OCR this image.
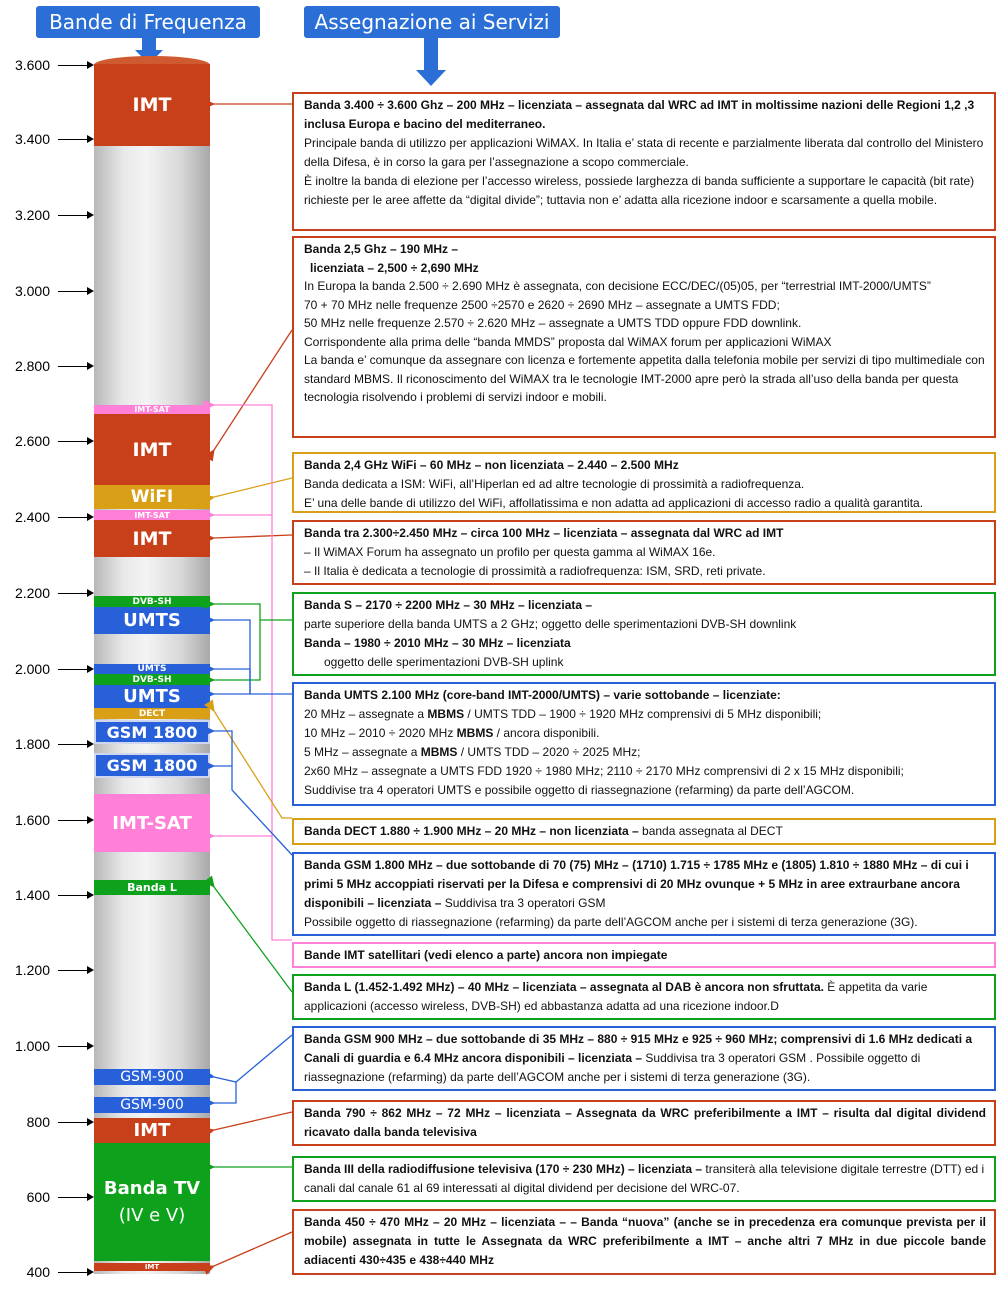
Bande di Frequenza	Assegnazione ai Servizi
3.600
3.400
3.200
3.000
2.800
2.600
2.400
2.200
2.000
1.800
1.600
1.400
1.200
1.000
800
600
400
IMT
IMT-SAT
IMT
WiFI
IMT-SAT
IMT
DVB-SH
UMTS
UMTS
DVB-SH
UMTS
DECT
GSM 1800
GSM 1800
IMT-SAT
Banda L
GSM-900
GSM-900
IMT
Banda TV
(IV e V)
IMT

Banda 3.400 ÷ 3.600 Ghz – 200 MHz – licenziata – assegnata dal WRC ad IMT in moltissime nazioni delle Regioni 1,2 ,3 inclusa Europa e bacino del mediterraneo.

Principale banda di utilizzo per applicazioni WiMAX. In Italia e’ stata di recente e parzialmente liberata dal controllo del Ministero della Difesa, è in corso la gara per l’assegnazione a scopo commerciale.

È inoltre la banda di elezione per l’accesso wireless, possiede larghezza di banda sufficiente a supportare le capacità (bit rate) richieste per le aree affette da “digital divide”; tuttavia non e’ adatta alla ricezione indoor e scarsamente a quella mobile.

Banda 2,5 Ghz – 190 MHz –

licenziata – 2,500 ÷ 2,690 MHz

In Europa la banda 2.500 ÷ 2.690 MHz è assegnata, con decisione ECC/DEC/(05)05, per “terrestrial IMT-2000/UMTS”

70 + 70 MHz nelle frequenze 2500 ÷2570 e 2620 ÷ 2690 MHz – assegnate a UMTS FDD;

50 MHz nelle frequenze 2.570 ÷ 2.620 MHz – assegnate a UMTS TDD oppure FDD downlink.

Corrispondente alla prima delle “banda MMDS” proposta dal WiMAX forum per applicazioni WiMAX

La banda e’ comunque da assegnare con licenza e fortemente appetita dalla telefonia mobile per servizi di tipo multimediale con standard MBMS. Il riconoscimento del WiMAX tra le tecnologie IMT-2000 apre però la strada all’uso della banda per questa tecnologia risolvendo i problemi di servizi indoor e mobili.

Banda 2,4 GHz WiFi – 60 MHz – non licenziata – 2.440 – 2.500 MHz

Banda dedicata a ISM: WiFi, all’Hiperlan ed ad altre tecnologie di prossimità a radiofrequenza.

E’ una delle bande di utilizzo del WiFi, affollatissima e non adatta ad applicazioni di accesso radio a qualità garantita.

Banda tra 2.300÷2.450 MHz – circa 100 MHz – licenziata – assegnata dal WRC ad IMT

– Il WiMAX Forum ha assegnato un profilo per questa gamma al WiMAX 16e.

– Il Italia è dedicata a tecnologie di prossimità a radiofrequenza: ISM, SRD, reti private.

Banda S – 2170 ÷ 2200 MHz – 30 MHz – licenziata –

parte superiore della banda UMTS a 2 GHz; oggetto delle sperimentazioni DVB-SH downlink

Banda – 1980 ÷ 2010 MHz – 30 MHz – licenziata

oggetto delle sperimentazioni DVB-SH uplink

Banda UMTS 2.100 MHz (core-band IMT-2000/UMTS) – varie sottobande – licenziate:

20 MHz – assegnate a MBMS / UMTS TDD – 1900 ÷ 1920 MHz comprensivi di 5 MHz disponibili;

10 MHz – 2010 ÷ 2020 MHz MBMS / ancora disponibili.

5 MHz – assegnate a MBMS / UMTS TDD – 2020 ÷ 2025 MHz;

2x60 MHz – assegnate a UMTS FDD 1920 ÷ 1980 MHz; 2110 ÷ 2170 MHz comprensivi di 2 x 15 MHz disponibili;

Suddivise tra 4 operatori UMTS e possibile oggetto di riassegnazione (refarming) da parte dell’AGCOM.

Banda DECT 1.880 ÷ 1.900 MHz – 20 MHz – non licenziata – banda assegnata al DECT

Banda GSM 1.800 MHz – due sottobande di 70 (75) MHz – (1710) 1.715 ÷ 1785 MHz e (1805) 1.810 ÷ 1880 MHz – di cui i primi 5 MHz accoppiati riservati per la Difesa e comprensivi di 20 MHz ovunque + 5 MHz in aree extraurbane ancora disponibili – licenziata – Suddivisa tra 3 operatori GSM

Possibile oggetto di riassegnazione (refarming) da parte dell’AGCOM anche per i sistemi di terza generazione (3G).

Bande IMT satellitari (vedi elenco a parte) ancora non impiegate

Banda L (1.452-1.492 MHz) – 40 MHz – licenziata – assegnata al DAB è ancora non sfruttata. È appetita da varie applicazioni (accesso wireless, DVB-SH) ed abbastanza adatta ad una ricezione indoor.D

Banda GSM 900 MHz – due sottobande di 35 MHz – 880 ÷ 915 MHz e 925 ÷ 960 MHz; comprensivi di 1.6 MHz dedicati a Canali di guardia e 6.4 MHz ancora disponibili – licenziata – Suddivisa tra 3 operatori GSM . Possibile oggetto di riassegnazione (refarming) da parte dell’AGCOM anche per i sistemi di terza generazione (3G).

Banda 790 ÷ 862 MHz – 72 MHz – licenziata – Assegnata da WRC preferibilmente a IMT – risulta dal digital dividend ricavato dalla banda televisiva

Banda III della radiodiffusione televisiva (170 ÷ 230 MHz) – licenziata – transiterà alla televisione digitale terrestre (DTT) ed i canali dal canale 61 al 69 interessati al digital dividend per decisione del WRC-07.

Banda 450 ÷ 470 MHz – 20 MHz – licenziata – – Banda “nuova” (anche se in precedenza era comunque prevista per il mobile) assegnata in tutte le Assegnata da WRC preferibilmente a IMT – anche altri 7 MHz in due piccole bande adiacenti 430÷435 e 438÷440 MHz
